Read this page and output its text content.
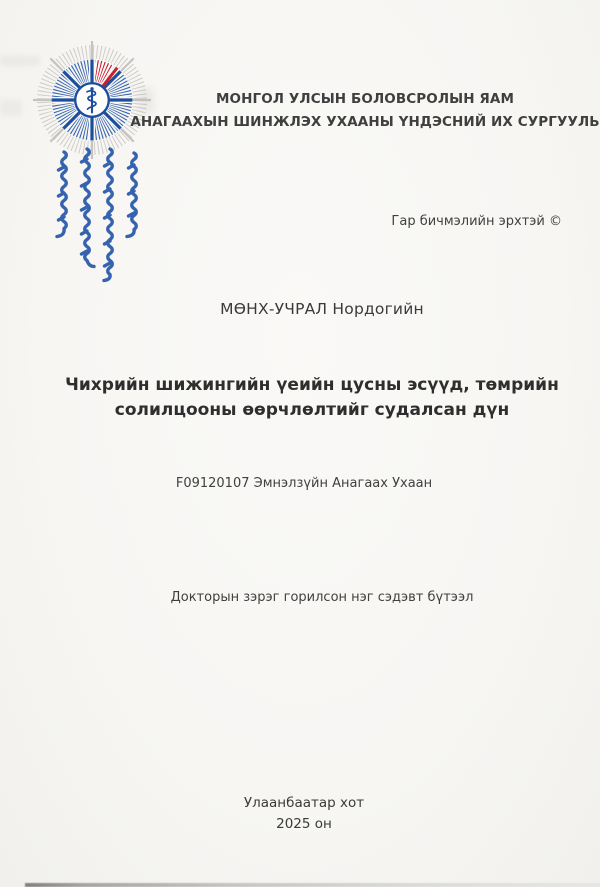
МОНГОЛ УЛСЫН БОЛОВСРОЛЫН ЯАМ
АНАГААХЫН ШИНЖЛЭХ УХААНЫ ҮНДЭСНИЙ ИХ СУРГУУЛЬ
Гар бичмэлийн эрхтэй ©
МӨНХ-УЧРАЛ Нордогийн
Чихрийн шижингийн үеийн цусны эсүүд, төмрийн
солилцооны өөрчлөлтийг судалсан дүн
F09120107 Эмнэлзүйн Анагаах Ухаан
Докторын зэрэг горилсон нэг сэдэвт бүтээл
Улаанбаатар хот
2025 он
